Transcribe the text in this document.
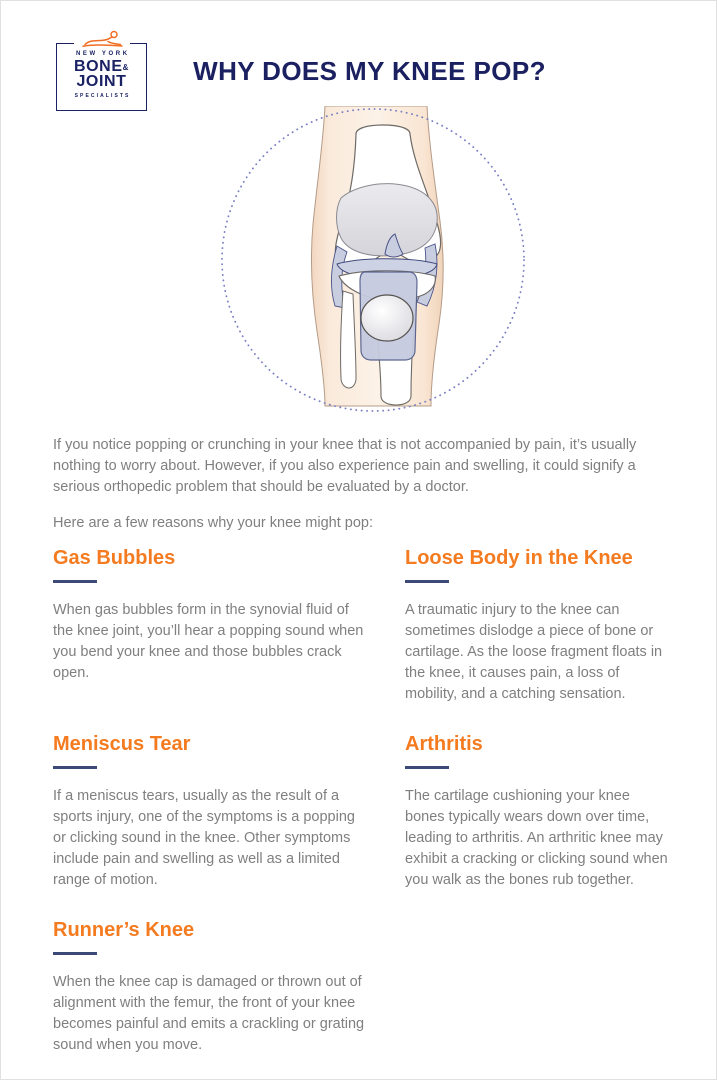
NEW YORK
BONE&
JOINT
SPECIALISTS
WHY DOES MY KNEE POP?

If you notice popping or crunching in your knee that is not accompanied by pain, it’s usually nothing to worry about. However, if you also experience pain and swelling, it could signify a serious orthopedic problem that should be evaluated by a doctor.

Here are a few reasons why your knee might pop:

Gas Bubbles

When gas bubbles form in the synovial fluid of the knee joint, you’ll hear a popping sound when you bend your knee and those bubbles crack open.

Loose Body in the Knee

A traumatic injury to the knee can sometimes dislodge a piece of bone or cartilage. As the loose fragment floats in the knee, it causes pain, a loss of mobility, and a catching sensation.

Meniscus Tear

If a meniscus tears, usually as the result of a sports injury, one of the symptoms is a popping or clicking sound in the knee. Other symptoms include pain and swelling as well as a limited range of motion.

Arthritis

The cartilage cushioning your knee bones typically wears down over time, leading to arthritis. An arthritic knee may exhibit a cracking or clicking sound when you walk as the bones rub together.

Runner’s Knee

When the knee cap is damaged or thrown out of alignment with the femur, the front of your knee becomes painful and emits a crackling or grating sound when you move.
